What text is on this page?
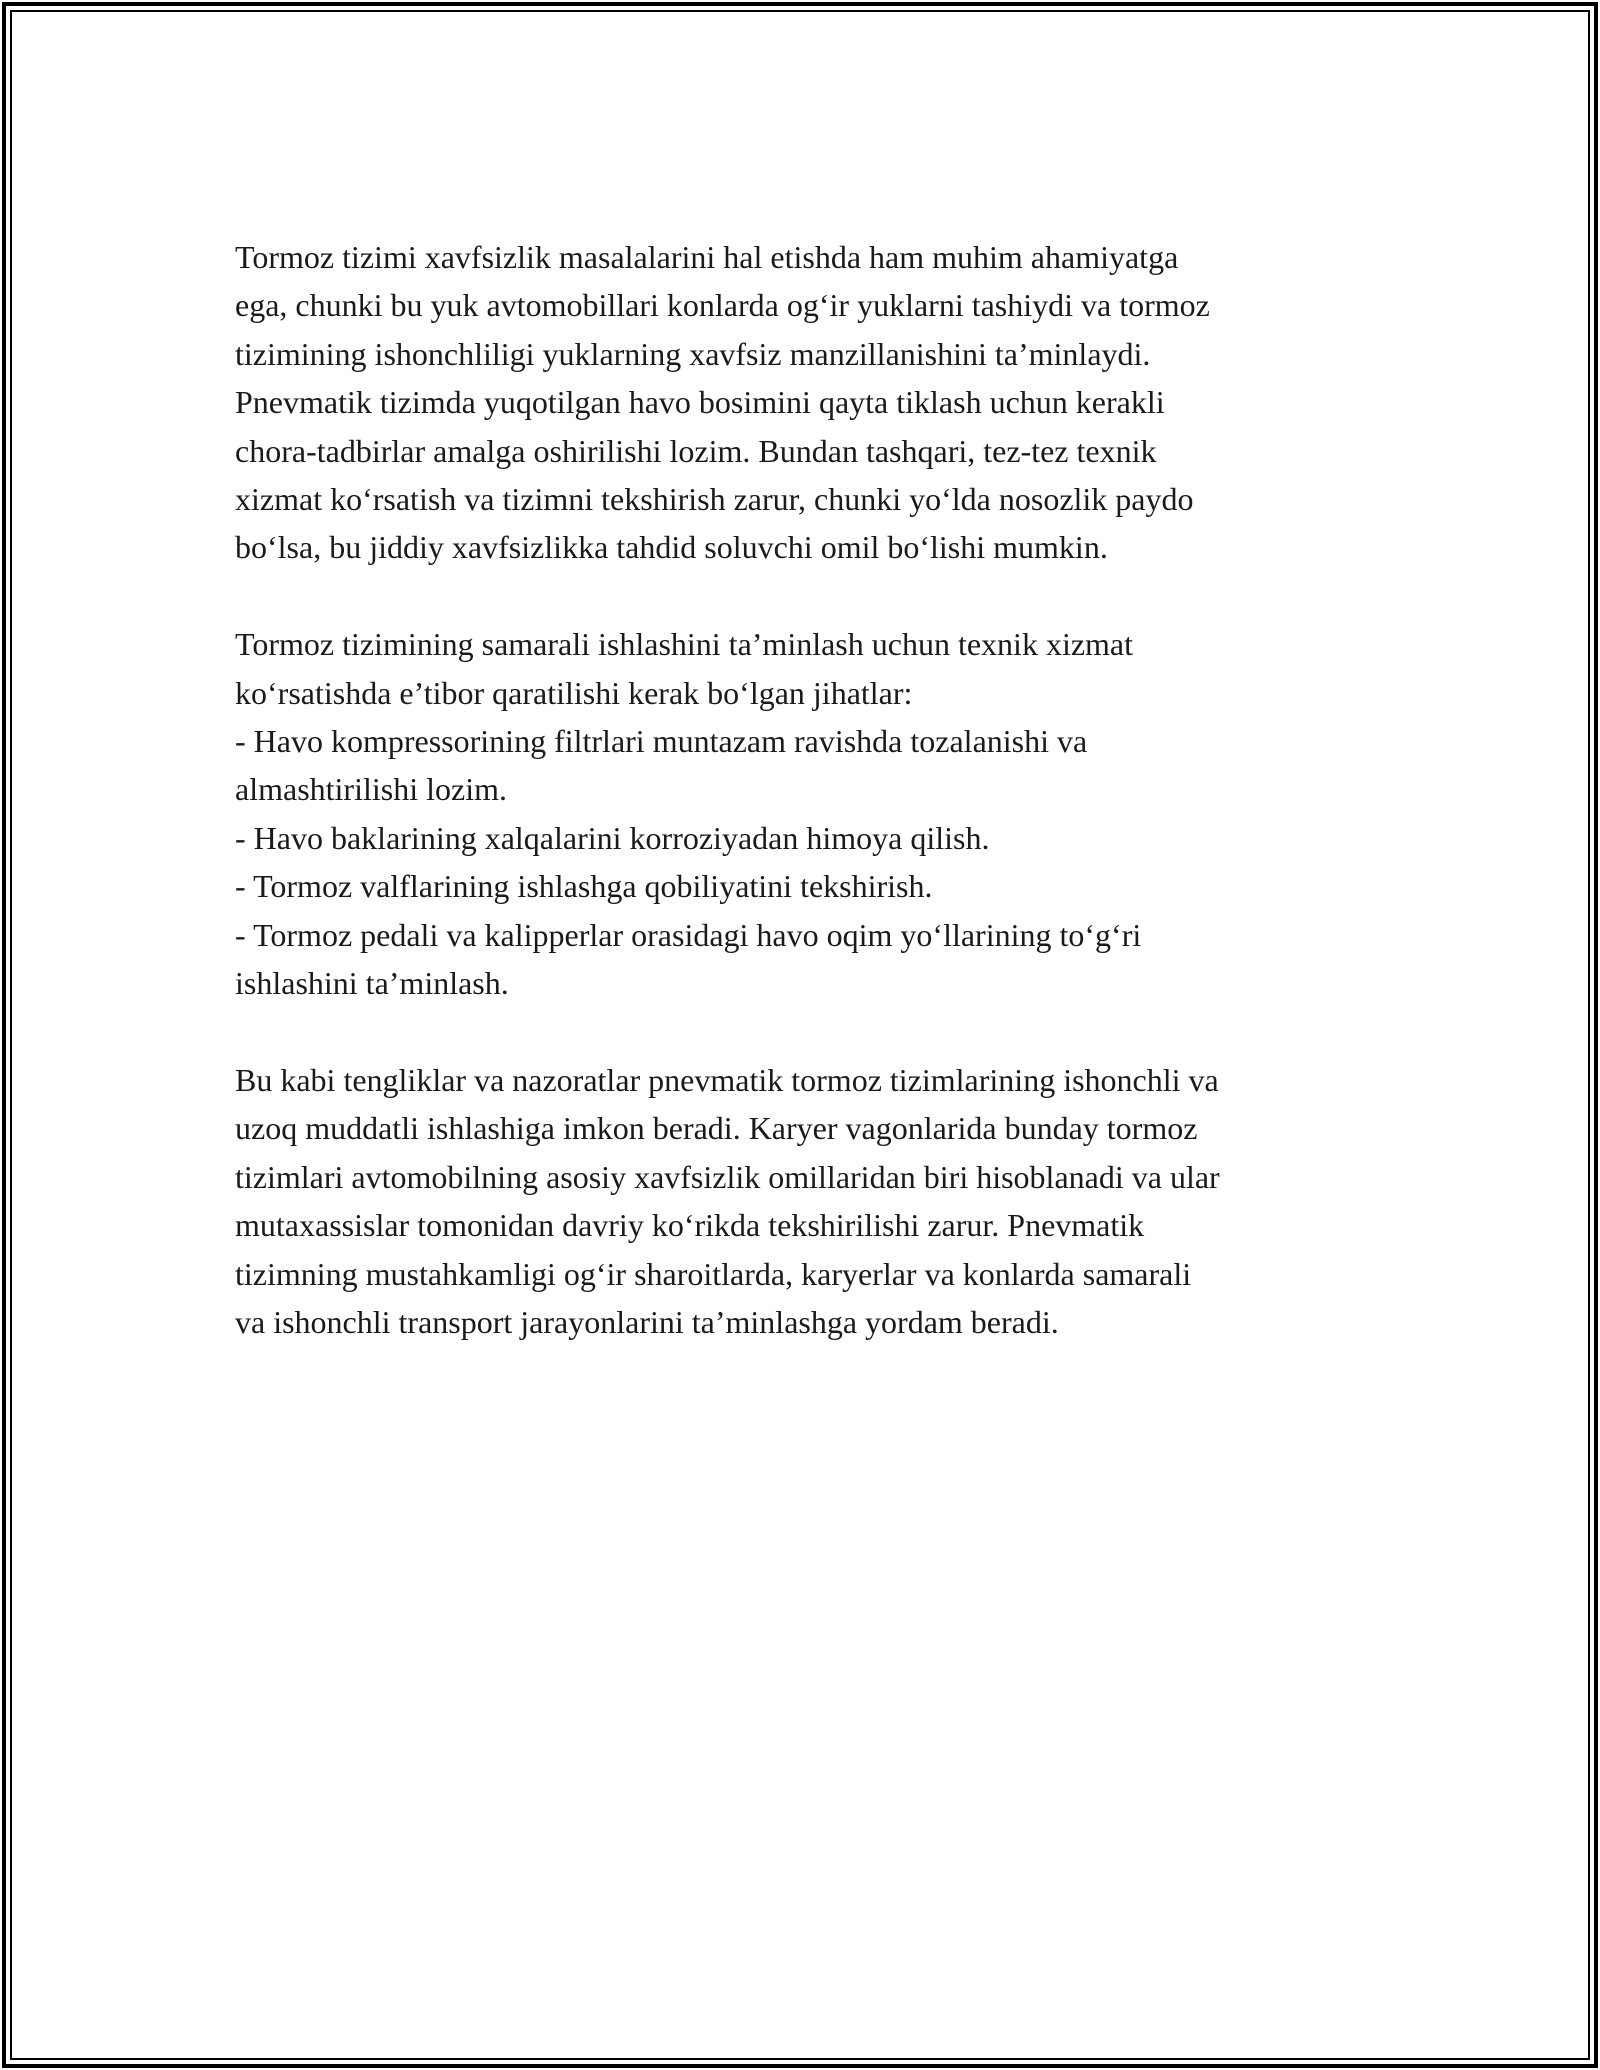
Tormoz tizimi xavfsizlik masalalarini hal etishda ham muhim ahamiyatga
ega, chunki bu yuk avtomobillari konlarda og‘ir yuklarni tashiydi va tormoz
tizimining ishonchliligi yuklarning xavfsiz manzillanishini ta’minlaydi.
Pnevmatik tizimda yuqotilgan havo bosimini qayta tiklash uchun kerakli
chora-tadbirlar amalga oshirilishi lozim. Bundan tashqari, tez-tez texnik
xizmat ko‘rsatish va tizimni tekshirish zarur, chunki yo‘lda nosozlik paydo
bo‘lsa, bu jiddiy xavfsizlikka tahdid soluvchi omil bo‘lishi mumkin.

Tormoz tizimining samarali ishlashini ta’minlash uchun texnik xizmat
ko‘rsatishda e’tibor qaratilishi kerak bo‘lgan jihatlar:
- Havo kompressorining filtrlari muntazam ravishda tozalanishi va
almashtirilishi lozim.
- Havo baklarining xalqalarini korroziyadan himoya qilish.
- Tormoz valflarining ishlashga qobiliyatini tekshirish.
- Tormoz pedali va kalipperlar orasidagi havo oqim yo‘llarining to‘g‘ri
ishlashini ta’minlash.

Bu kabi tengliklar va nazoratlar pnevmatik tormoz tizimlarining ishonchli va
uzoq muddatli ishlashiga imkon beradi. Karyer vagonlarida bunday tormoz
tizimlari avtomobilning asosiy xavfsizlik omillaridan biri hisoblanadi va ular
mutaxassislar tomonidan davriy ko‘rikda tekshirilishi zarur. Pnevmatik
tizimning mustahkamligi og‘ir sharoitlarda, karyerlar va konlarda samarali
va ishonchli transport jarayonlarini ta’minlashga yordam beradi.
